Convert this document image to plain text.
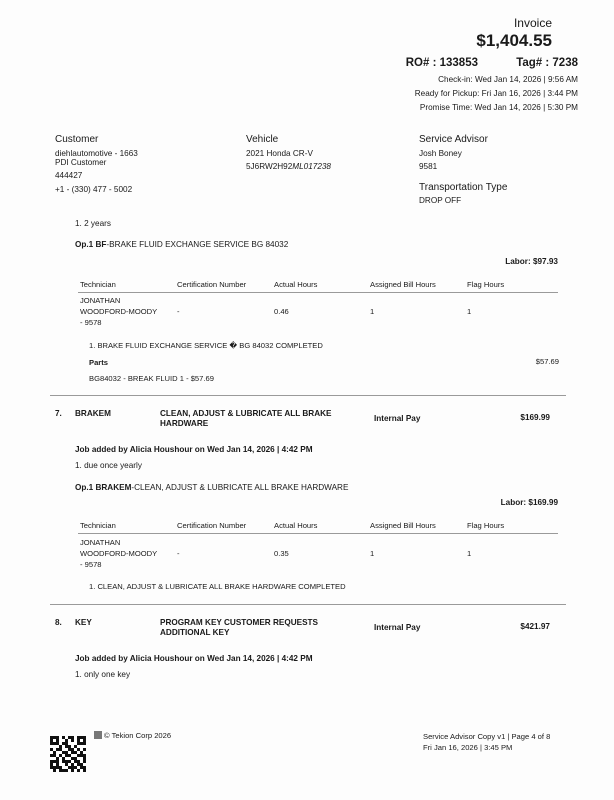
Invoice
$1,404.55
RO# : 133853	Tag# : 7238
Check-in: Wed Jan 14, 2026 | 9:56 AM
Ready for Pickup: Fri Jan 16, 2026 | 3:44 PM
Promise Time: Wed Jan 14, 2026 | 5:30 PM
Customer
diehlautomotive - 1663
PDI Customer
444427
+1 - (330) 477 - 5002
Vehicle
2021 Honda CR-V
5J6RW2H92ML017238
Service Advisor
Josh Boney
9581
Transportation Type
DROP OFF
1. 2 years
Op.1 BF-BRAKE FLUID EXCHANGE SERVICE BG 84032
Labor: $97.93
Technician	Certification Number	Actual Hours	Assigned Bill Hours	Flag Hours
JONATHAN
WOODFORD-MOODY
- 9578
-	0.46	1	1
1. BRAKE FLUID EXCHANGE SERVICE � BG 84032 COMPLETED
Parts	$57.69
BG84032 - BREAK FLUID 1 - $57.69
7. BRAKEM	CLEAN, ADJUST & LUBRICATE ALL BRAKE HARDWARE
Internal Pay	$169.99
Job added by Alicia Houshour on Wed Jan 14, 2026 | 4:42 PM
1. due once yearly
Op.1 BRAKEM-CLEAN, ADJUST & LUBRICATE ALL BRAKE HARDWARE
Labor: $169.99
Technician	Certification Number	Actual Hours	Assigned Bill Hours	Flag Hours
JONATHAN
WOODFORD-MOODY
- 9578
-	0.35	1	1
1. CLEAN, ADJUST & LUBRICATE ALL BRAKE HARDWARE COMPLETED
8. KEY	PROGRAM KEY CUSTOMER REQUESTS ADDITIONAL KEY
Internal Pay	$421.97
Job added by Alicia Houshour on Wed Jan 14, 2026 | 4:42 PM
1. only one key
© Tekion Corp 2026	Service Advisor Copy v1 | Page 4 of 8
Fri Jan 16, 2026 | 3:45 PM
